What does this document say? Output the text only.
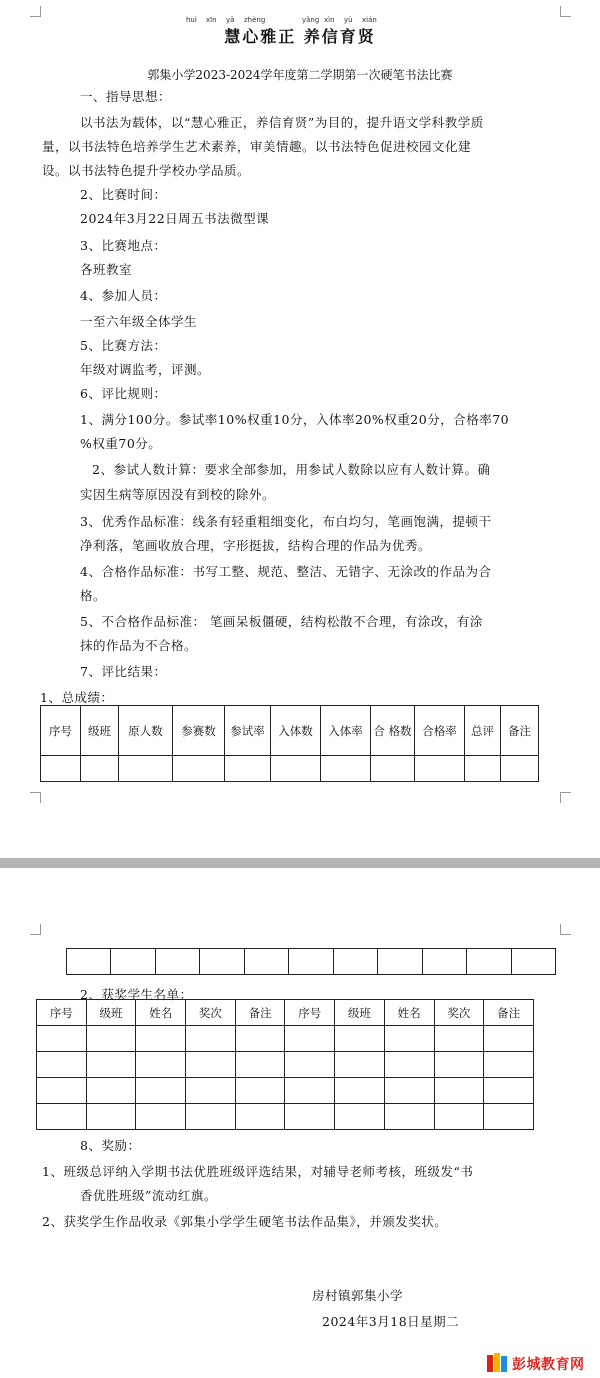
huì xīn yǎ zhèng	yǎng xìn yù xián
慧心雅正 养信育贤
郭集小学2023-2024学年度第二学期第一次硬笔书法比赛
一、指导思想：
以书法为载体，以“慧心雅正，养信育贤”为目的，提升语文学科教学质
量，以书法特色培养学生艺术素养，审美情趣。以书法特色促进校园文化建
设。以书法特色提升学校办学品质。
2、比赛时间：
2024年3月22日周五书法微型课
3、比赛地点：
各班教室
4、参加人员：
一至六年级全体学生
5、比赛方法：
年级对调监考，评测。
6、评比规则：
1、满分100分。参试率10%权重10分，入体率20%权重20分，合格率70
%权重70分。
2、参试人数计算：要求全部参加，用参试人数除以应有人数计算。确
实因生病等原因没有到校的除外。
3、优秀作品标准：线条有轻重粗细变化，布白均匀，笔画饱满，提顿干
净利落，笔画收放合理，字形挺拔，结构合理的作品为优秀。
4、合格作品标准：书写工整、规范、整洁、无错字、无涂改的作品为合
格。
5、不合格作品标准： 笔画呆板僵硬，结构松散不合理，有涂改，有涂
抹的作品为不合格。
7、评比结果：
1、总成绩：
序号	级班	原人数	参赛数	参试率	入体数	入体率	合 格数	合格率	总评	备注

2、获奖学生名单：
序号	级班	姓名	奖次	备注	序号	级班	姓名	奖次	备注

8、奖励：
1、班级总评纳入学期书法优胜班级评选结果，对辅导老师考核，班级发“书
香优胜班级”流动红旗。
2、获奖学生作品收录《郭集小学学生硬笔书法作品集》，并颁发奖状。
房村镇郭集小学
2024年3月18日星期二
彭城教育网
